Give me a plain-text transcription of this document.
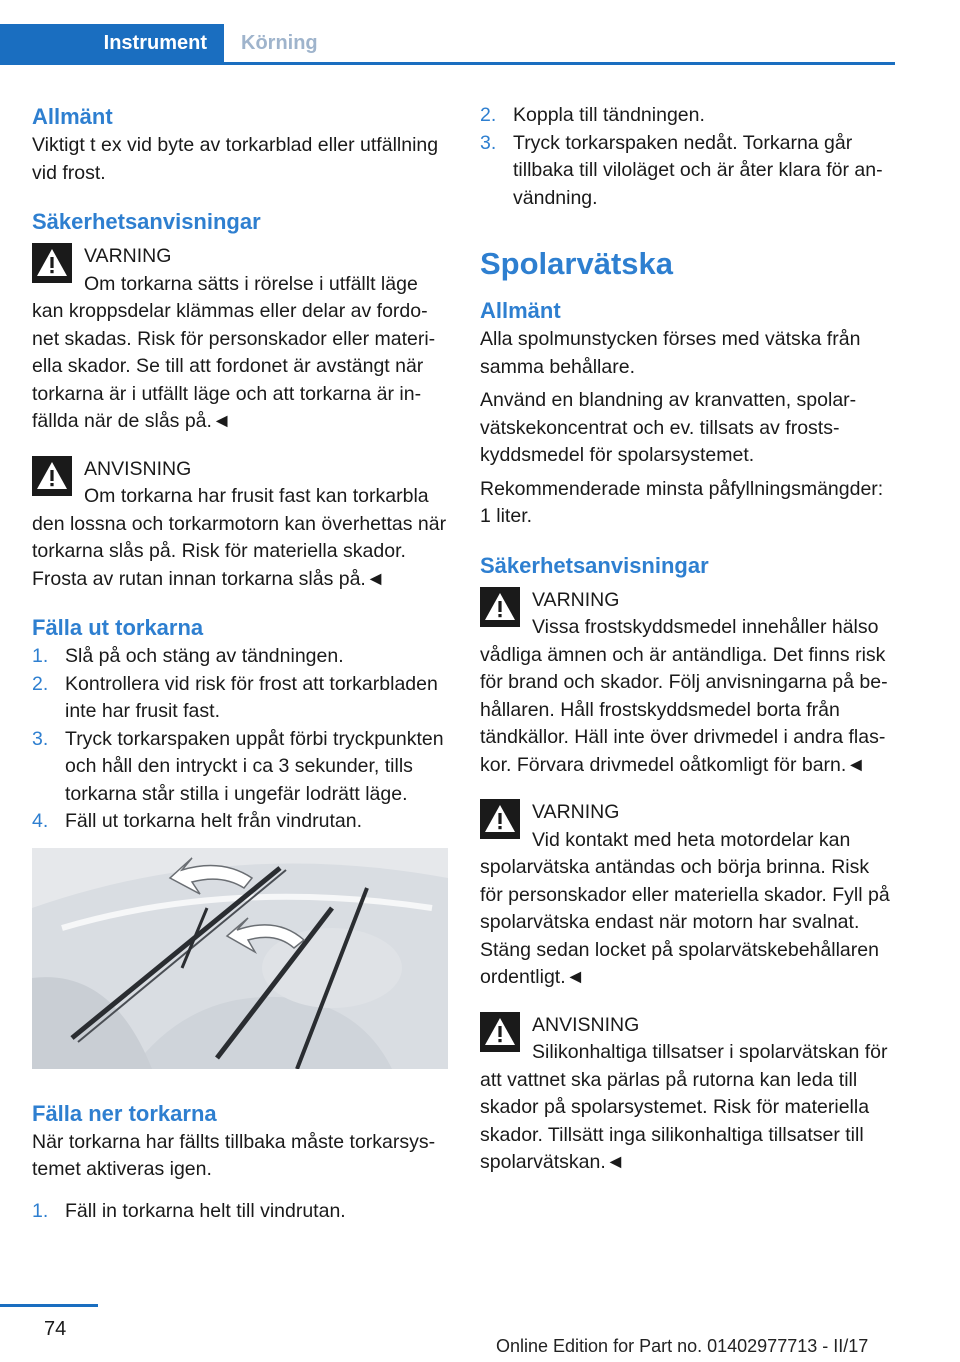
Instrument	Körning
Allmänt

Viktigt t ex vid byte av torkarblad eller utfällning vid frost.

Säkerhetsanvisningar
VARNING
Om torkarna sätts i rörelse i utfällt läge
kan kroppsdelar klämmas eller delar av fordonet skadas. Risk för personskador eller materiella skador. Se till att fordonet är avstängt när torkarna är i utfällt läge och att torkarna är infällda när de slås på.◄
ANVISNING
Om torkarna har frusit fast kan torkarbla
den lossna och torkarmotorn kan överhettas när torkarna slås på. Risk för materiella skador. Frosta av rutan innan torkarna slås på.◄
Fälla ut torkarna
1. Slå på och stäng av tändningen.
2. Kontrollera vid risk för frost att torkarbladen inte har frusit fast.
3. Tryck torkarspaken uppåt förbi tryckpunkten och håll den intryckt i ca 3 sekunder, tills torkarna står stilla i ungefär lodrätt läge.
4. Fäll ut torkarna helt från vindrutan.
Fälla ner torkarna

När torkarna har fällts tillbaka måste torkarsystemet aktiveras igen.

1. Fäll in torkarna helt till vindrutan.
2. Koppla till tändningen.
3. Tryck torkarspaken nedåt. Torkarna går tillbaka till viloläget och är åter klara för användning.
Spolarvätska
Allmänt

Alla spolmunstycken förses med vätska från samma behållare.

Använd en blandning av kranvatten, spolarvätskekoncentrat och ev. tillsats av frostskyddsmedel för spolarsystemet.

Rekommenderade minsta påfyllningsmängder: 1 liter.

Säkerhetsanvisningar
VARNING
Vissa frostskyddsmedel innehåller hälso
vådliga ämnen och är antändliga. Det finns risk för brand och skador. Följ anvisningarna på behållaren. Håll frostskyddsmedel borta från tändkällor. Häll inte över drivmedel i andra flaskor. Förvara drivmedel oåtkomligt för barn.◄
VARNING
Vid kontakt med heta motordelar kan
spolarvätska antändas och börja brinna. Risk för personskador eller materiella skador. Fyll på spolarvätska endast när motorn har svalnat. Stäng sedan locket på spolarvätskebehållaren ordentligt.◄
ANVISNING
Silikonhaltiga tillsatser i spolarvätskan för
att vattnet ska pärlas på rutorna kan leda till skador på spolarsystemet. Risk för materiella skador. Tillsätt inga silikonhaltiga tillsatser till spolarvätskan.◄
74
Online Edition for Part no. 01402977713 - II/17
